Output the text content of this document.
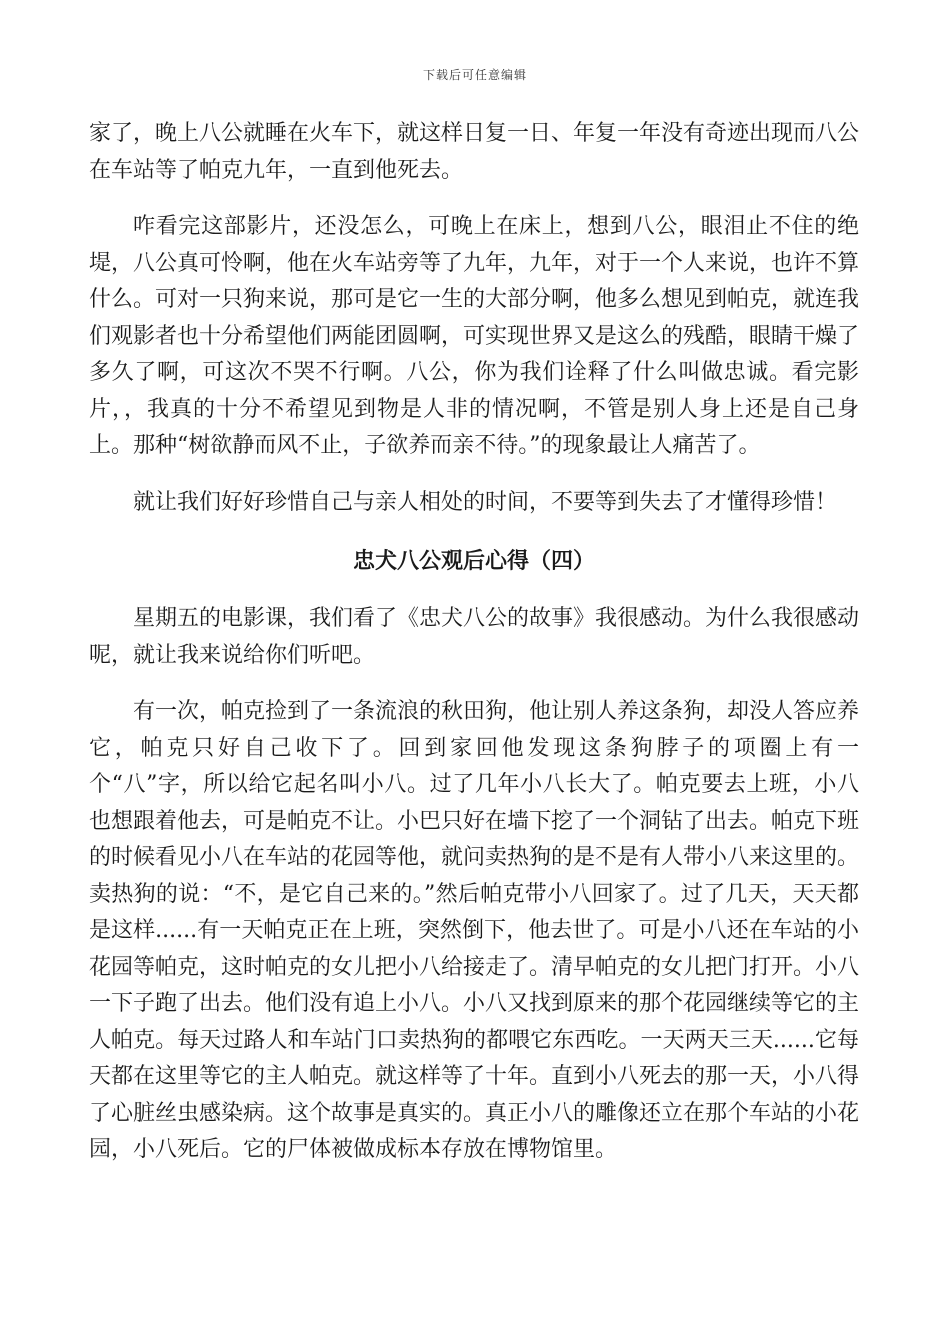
下载后可任意编辑

家了，晚上八公就睡在火车下，就这样日复一日、年复一年没有奇迹出现而八公在车站等了帕克九年，一直到他死去。

咋看完这部影片，还没怎么，可晚上在床上，想到八公，眼泪止不住的绝堤，八公真可怜啊，他在火车站旁等了九年，九年，对于一个人来说，也许不算什么。可对一只狗来说，那可是它一生的大部分啊，他多么想见到帕克，就连我们观影者也十分希望他们两能团圆啊，可实现世界又是这么的残酷，眼睛干燥了多久了啊，可这次不哭不行啊。八公，你为我们诠释了什么叫做忠诚。看完影片，，我真的十分不希望见到物是人非的情况啊，不管是别人身上还是自己身上。那种“树欲静而风不止，子欲养而亲不待。”的现象最让人痛苦了。

就让我们好好珍惜自己与亲人相处的时间，不要等到失去了才懂得珍惜！

忠犬八公观后心得（四）

星期五的电影课，我们看了《忠犬八公的故事》我很感动。为什么我很感动呢，就让我来说给你们听吧。

有一次，帕克捡到了一条流浪的秋田狗，他让别人养这条狗，却没人答应养它，帕克只好自己收下了。回到家回他发现这条狗脖子的项圈上有一个“八”字，所以给它起名叫小八。过了几年小八长大了。帕克要去上班，小八也想跟着他去，可是帕克不让。小巴只好在墙下挖了一个洞钻了出去。帕克下班的时候看见小八在车站的花园等他，就问卖热狗的是不是有人带小八来这里的。卖热狗的说：“不，是它自己来的。”然后帕克带小八回家了。过了几天，天天都是这样......有一天帕克正在上班，突然倒下，他去世了。可是小八还在车站的小花园等帕克，这时帕克的女儿把小八给接走了。清早帕克的女儿把门打开。小八一下子跑了出去。他们没有追上小八。小八又找到原来的那个花园继续等它的主人帕克。每天过路人和车站门口卖热狗的都喂它东西吃。一天两天三天......它每天都在这里等它的主人帕克。就这样等了十年。直到小八死去的那一天，小八得了心脏丝虫感染病。这个故事是真实的。真正小八的雕像还立在那个车站的小花园，小八死后。它的尸体被做成标本存放在博物馆里。
